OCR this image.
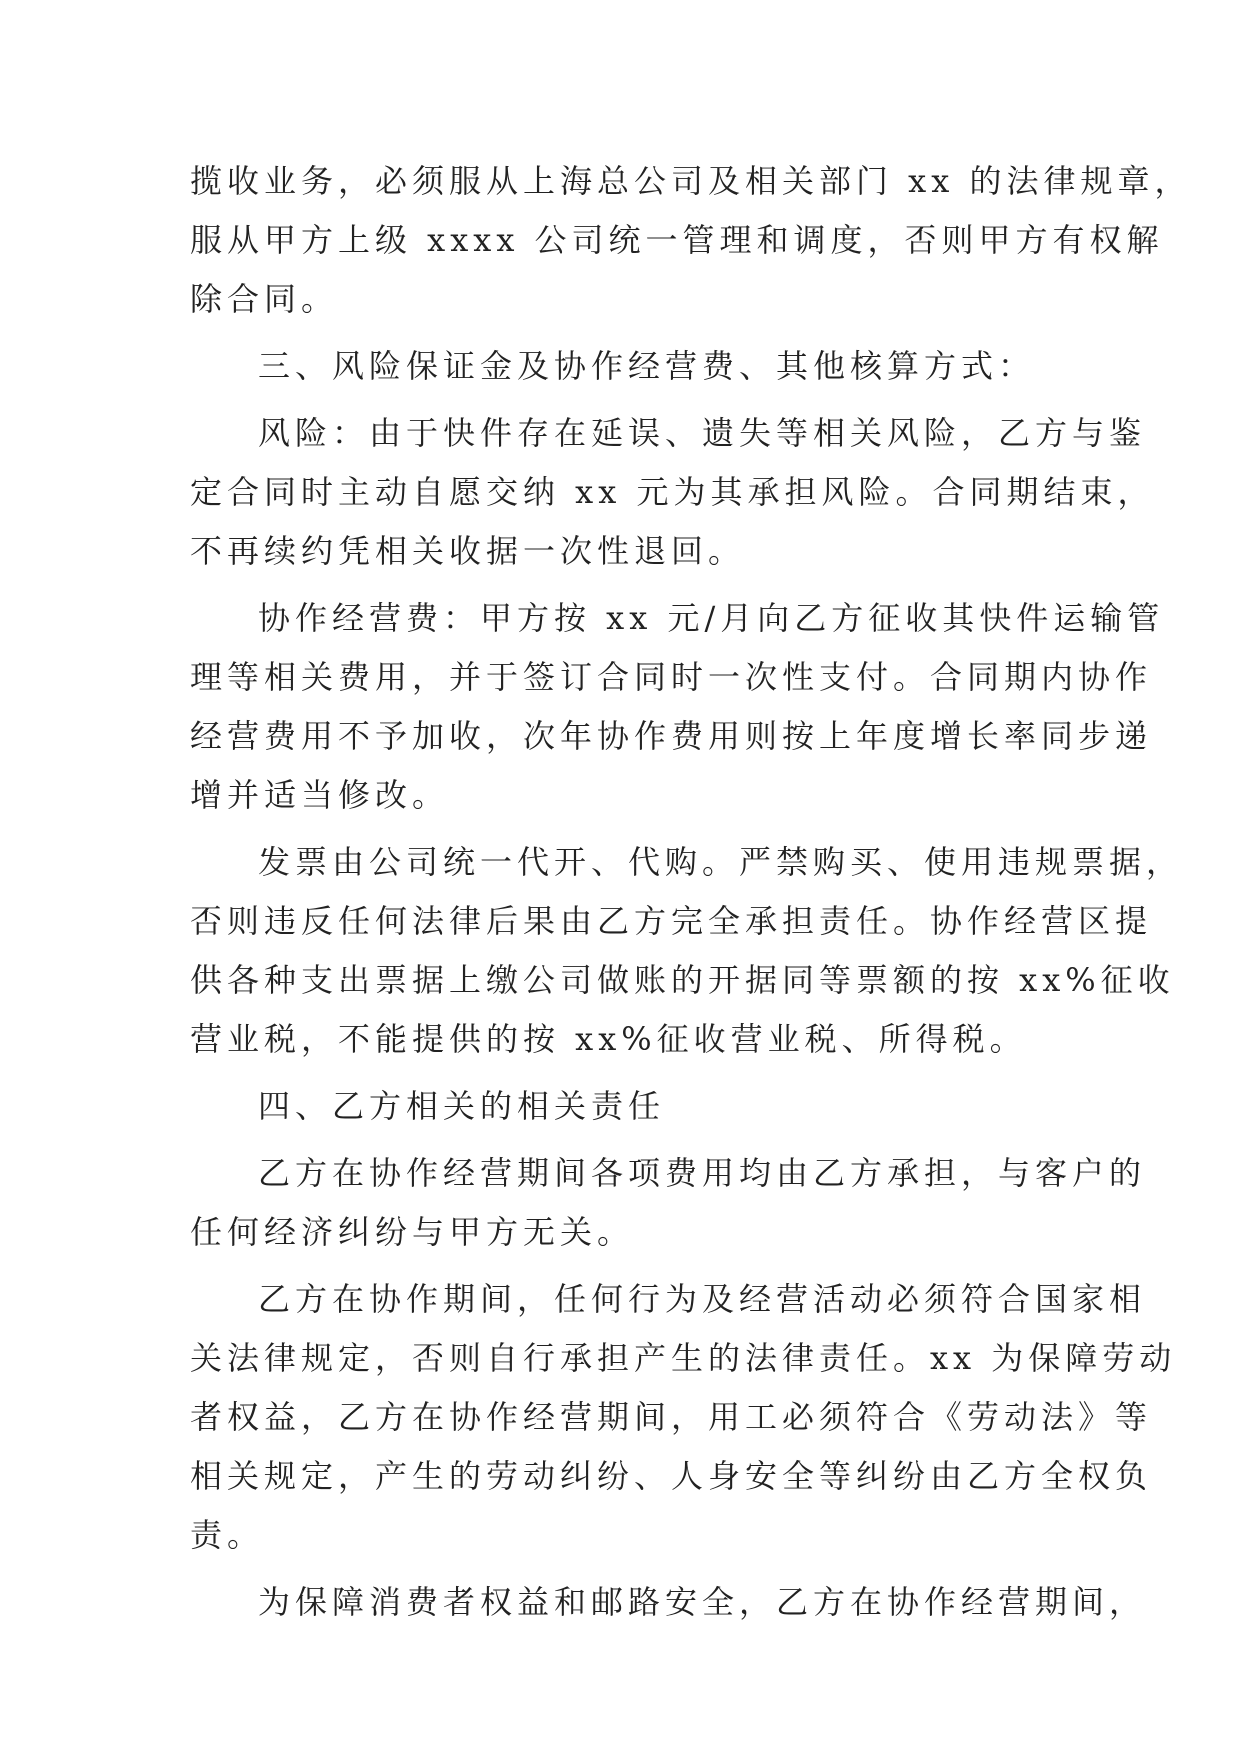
揽收业务，必须服从上海总公司及相关部门 xx 的法律规章，
服从甲方上级 xxxx 公司统一管理和调度，否则甲方有权解
除合同。
三、风险保证金及协作经营费、其他核算方式：
风险：由于快件存在延误、遗失等相关风险，乙方与鉴
定合同时主动自愿交纳 xx 元为其承担风险。合同期结束，
不再续约凭相关收据一次性退回。
协作经营费：甲方按 xx 元/月向乙方征收其快件运输管
理等相关费用，并于签订合同时一次性支付。合同期内协作
经营费用不予加收，次年协作费用则按上年度增长率同步递
增并适当修改。
发票由公司统一代开、代购。严禁购买、使用违规票据，
否则违反任何法律后果由乙方完全承担责任。协作经营区提
供各种支出票据上缴公司做账的开据同等票额的按 xx%征收
营业税，不能提供的按 xx%征收营业税、所得税。
四、乙方相关的相关责任
乙方在协作经营期间各项费用均由乙方承担，与客户的
任何经济纠纷与甲方无关。
乙方在协作期间，任何行为及经营活动必须符合国家相
关法律规定，否则自行承担产生的法律责任。xx 为保障劳动
者权益，乙方在协作经营期间，用工必须符合《劳动法》等
相关规定，产生的劳动纠纷、人身安全等纠纷由乙方全权负
责。
为保障消费者权益和邮路安全，乙方在协作经营期间，
